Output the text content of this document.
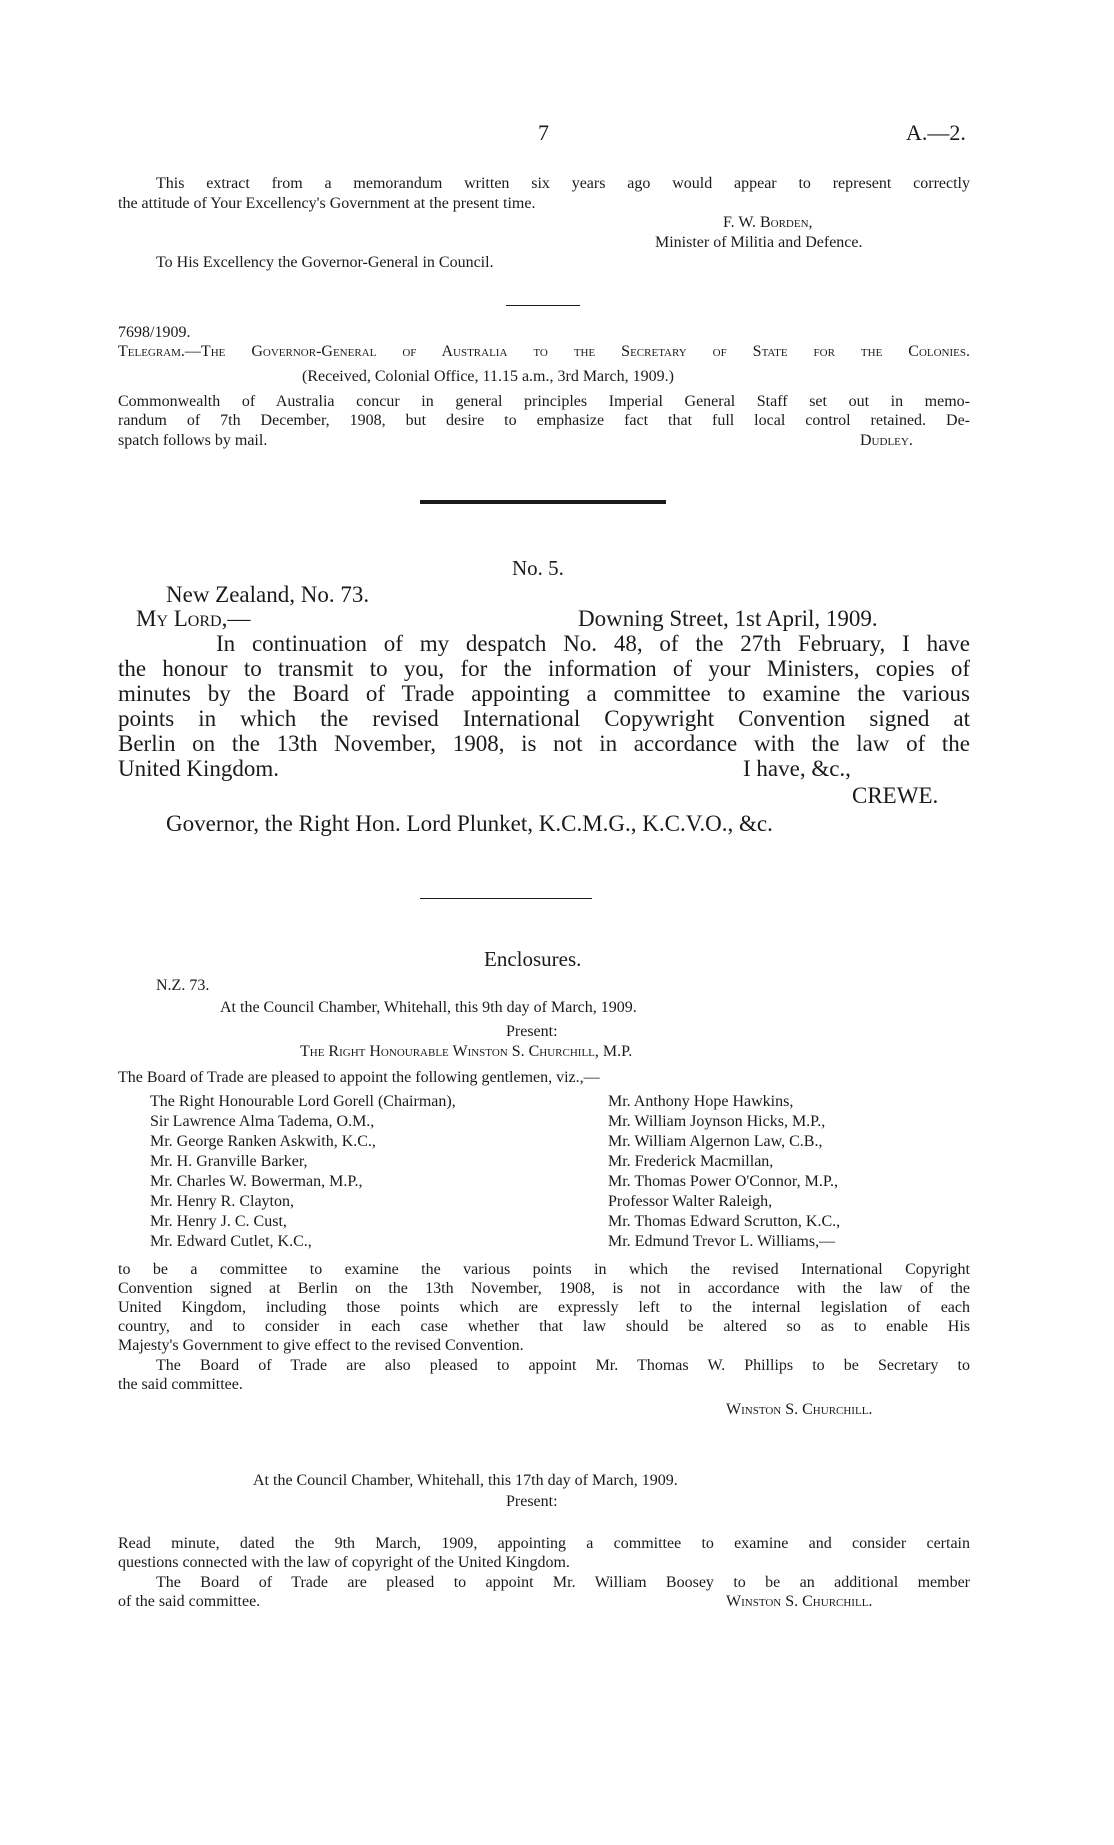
7	A.—2.
This extract from a memorandum written six years ago would appear to represent correctly
the attitude of Your Excellency's Government at the present time.
F. W. Borden,
Minister of Militia and Defence.
To His Excellency the Governor-General in Council.
7698/1909.
Telegram.—The Governor-General of Australia to the Secretary of State for the Colonies.
(Received, Colonial Office, 11.15 a.m., 3rd March, 1909.)
Commonwealth of Australia concur in general principles Imperial General Staff set out in memo-
randum of 7th December, 1908, but desire to emphasize fact that full local control retained. De-
spatch follows by mail.	Dudley.
No. 5.
New Zealand, No. 73.
My Lord,—	Downing Street, 1st April, 1909.
In continuation of my despatch No. 48, of the 27th February, I have
the honour to transmit to you, for the information of your Ministers, copies of
minutes by the Board of Trade appointing a committee to examine the various
points in which the revised International Copywright Convention signed at
Berlin on the 13th November, 1908, is not in accordance with the law of the
United Kingdom.	I have, &c.,
CREWE.
Governor, the Right Hon. Lord Plunket, K.C.M.G., K.C.V.O., &c.
Enclosures.
N.Z. 73.
At the Council Chamber, Whitehall, this 9th day of March, 1909.
Present:
The Right Honourable Winston S. Churchill, M.P.
The Board of Trade are pleased to appoint the following gentlemen, viz.,—
The Right Honourable Lord Gorell (Chairman),
Sir Lawrence Alma Tadema, O.M.,
Mr. George Ranken Askwith, K.C.,
Mr. H. Granville Barker,
Mr. Charles W. Bowerman, M.P.,
Mr. Henry R. Clayton,
Mr. Henry J. C. Cust,
Mr. Edward Cutlet, K.C.,
Mr. Anthony Hope Hawkins,
Mr. William Joynson Hicks, M.P.,
Mr. William Algernon Law, C.B.,
Mr. Frederick Macmillan,
Mr. Thomas Power O'Connor, M.P.,
Professor Walter Raleigh,
Mr. Thomas Edward Scrutton, K.C.,
Mr. Edmund Trevor L. Williams,—
to be a committee to examine the various points in which the revised International Copyright
Convention signed at Berlin on the 13th November, 1908, is not in accordance with the law of the
United Kingdom, including those points which are expressly left to the internal legislation of each
country, and to consider in each case whether that law should be altered so as to enable His
Majesty's Government to give effect to the revised Convention.
The Board of Trade are also pleased to appoint Mr. Thomas W. Phillips to be Secretary to
the said committee.
Winston S. Churchill.
At the Council Chamber, Whitehall, this 17th day of March, 1909.
Present:
Read minute, dated the 9th March, 1909, appointing a committee to examine and consider certain
questions connected with the law of copyright of the United Kingdom.
The Board of Trade are pleased to appoint Mr. William Boosey to be an additional member
of the said committee.	Winston S. Churchill.
